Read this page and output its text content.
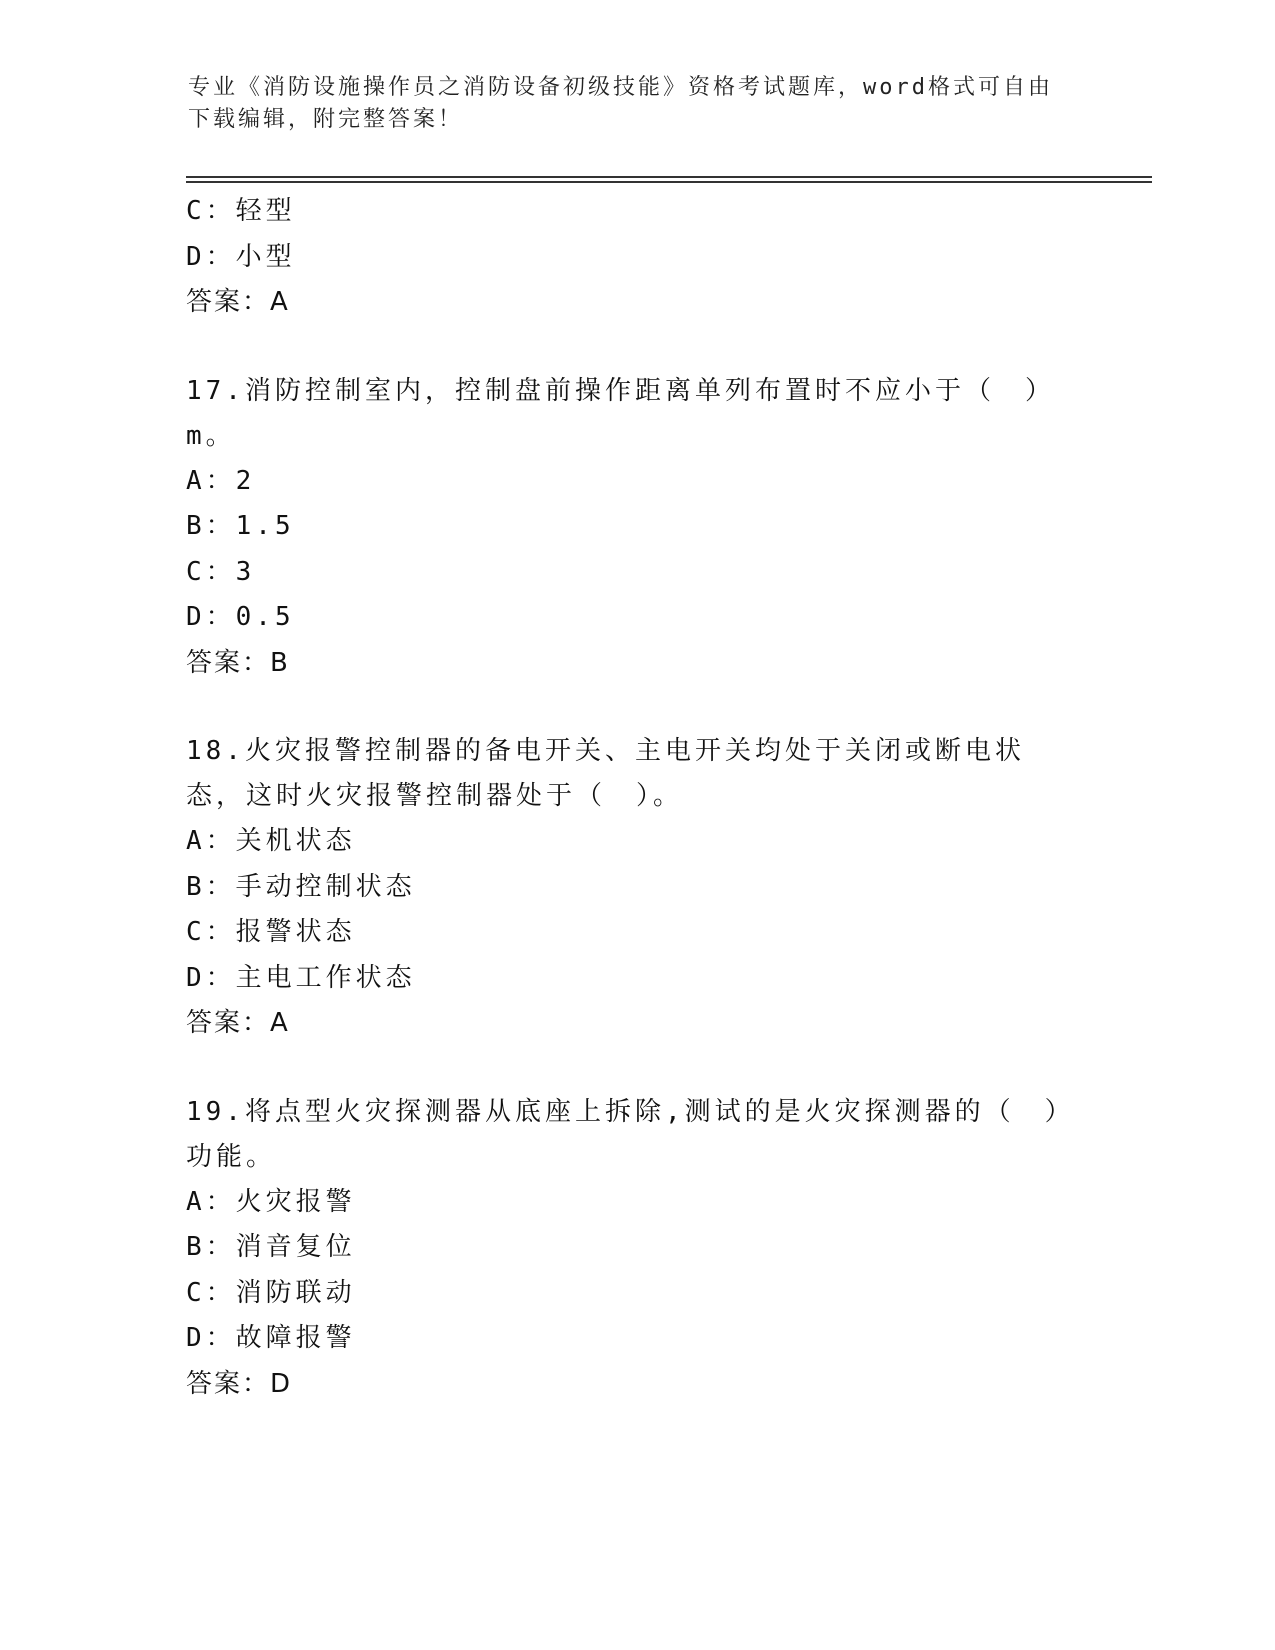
专业《消防设施操作员之消防设备初级技能》资格考试题库，word格式可自由下载编辑，附完整答案！
C：轻型
D：小型
答案：A
17.消防控制室内，控制盘前操作距离单列布置时不应小于（　）m。
A：2
B：1.5
C：3
D：0.5
答案：B
18.火灾报警控制器的备电开关、主电开关均处于关闭或断电状态，这时火灾报警控制器处于（　）。
A：关机状态
B：手动控制状态
C：报警状态
D：主电工作状态
答案：A
19.将点型火灾探测器从底座上拆除,测试的是火灾探测器的（　）功能。
A：火灾报警
B：消音复位
C：消防联动
D：故障报警
答案：D
